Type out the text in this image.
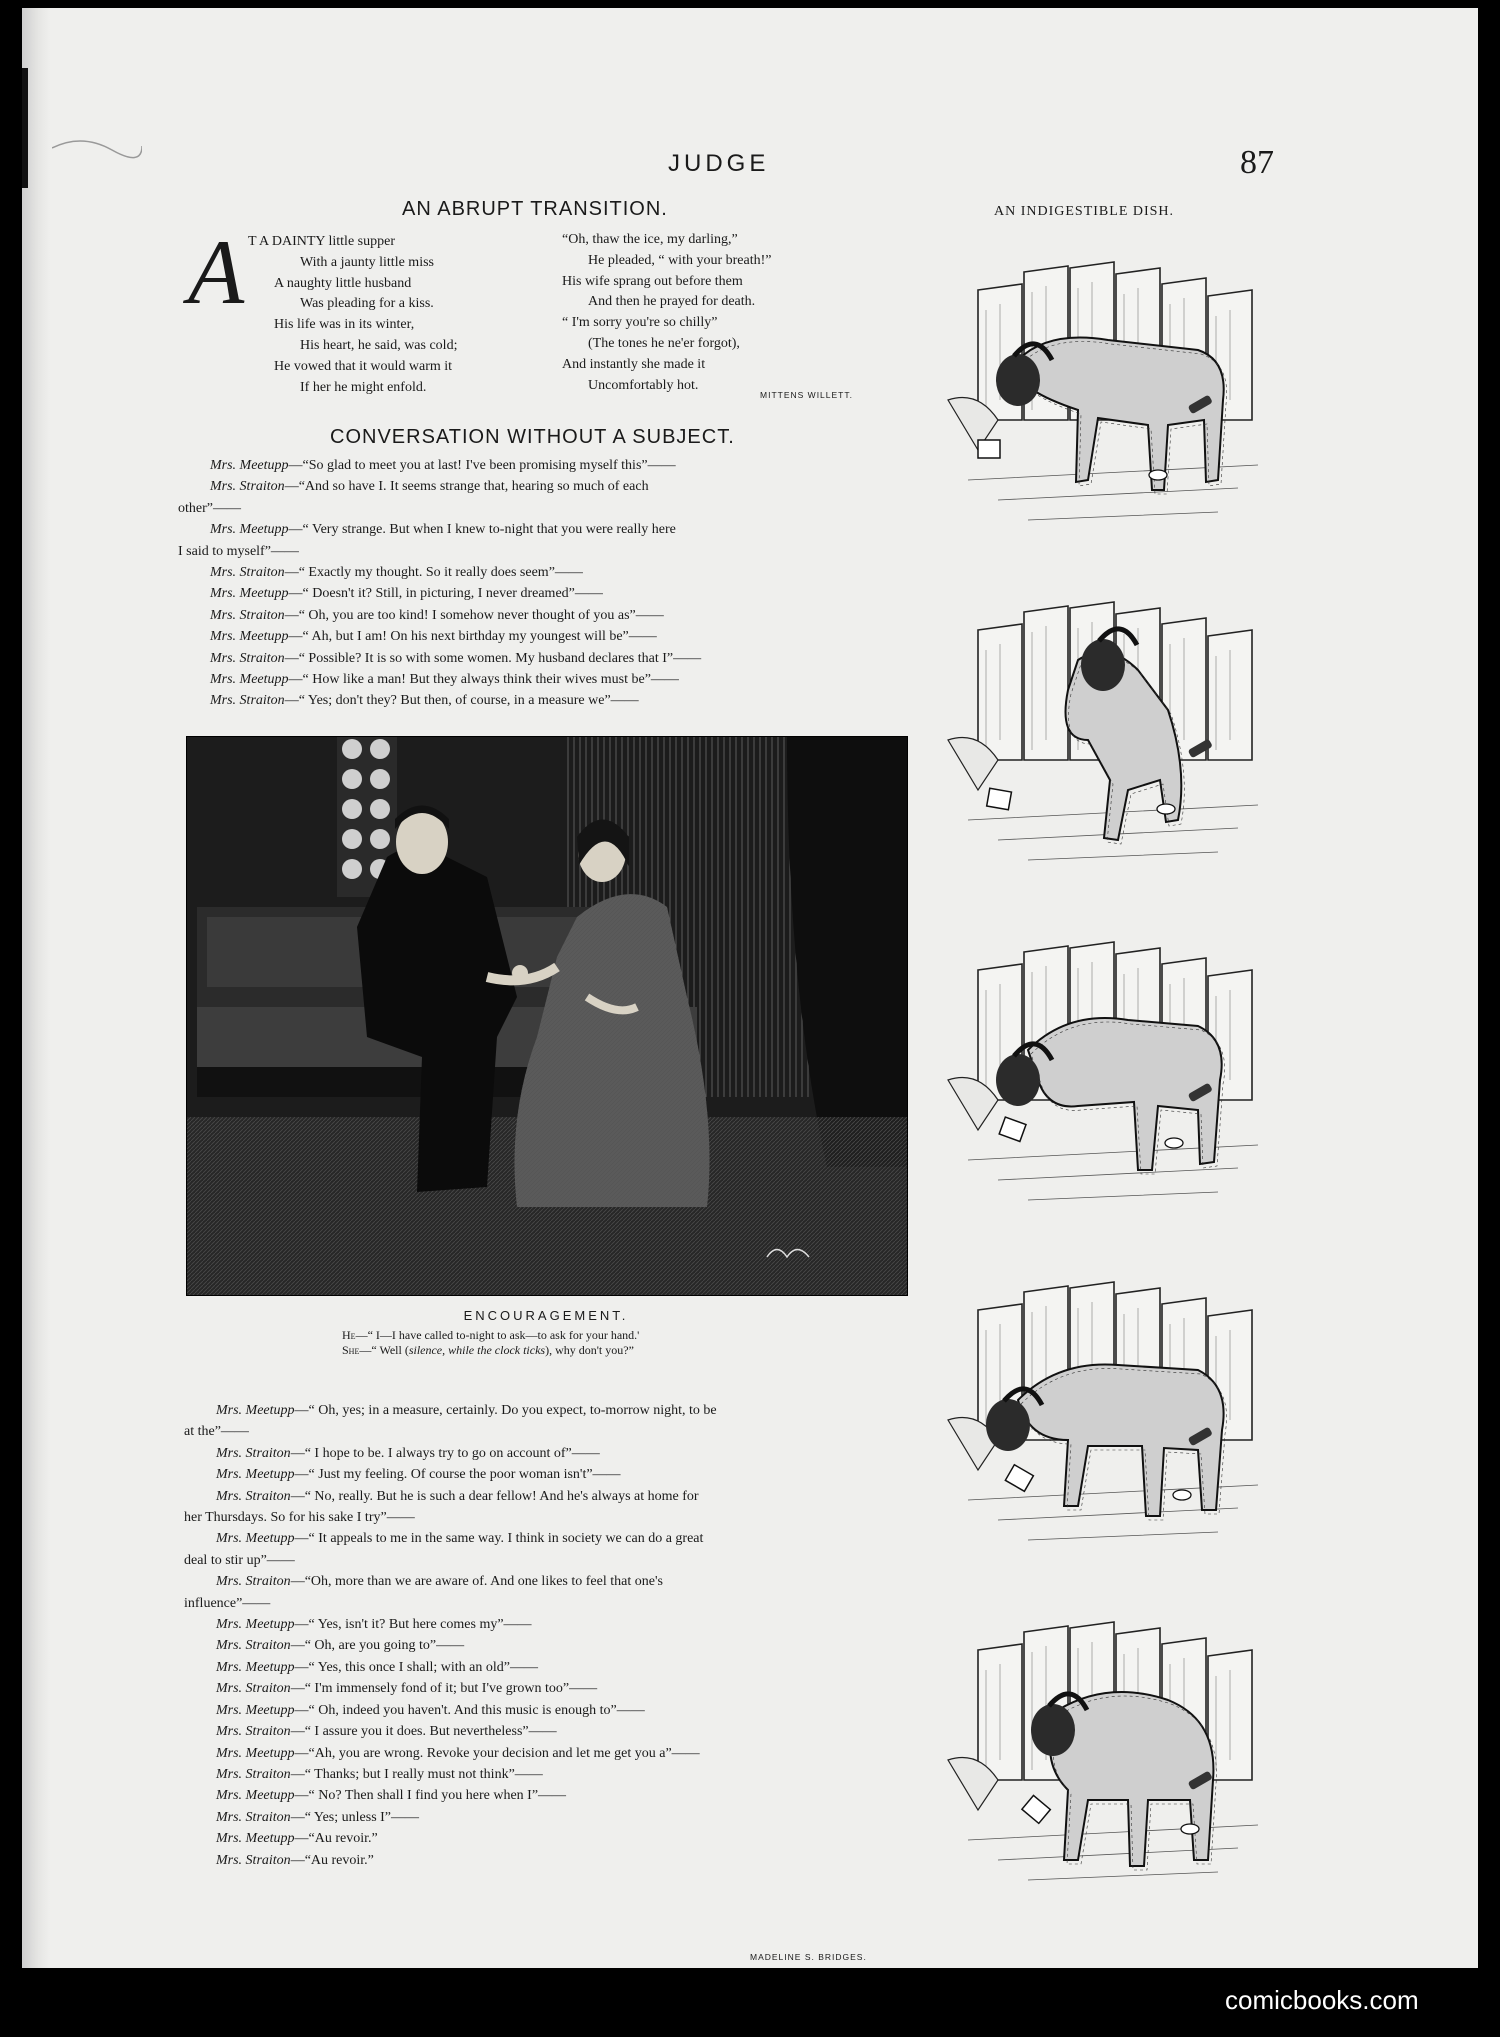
JUDGE	87
AN ABRUPT TRANSITION.
A T A DAINTY little supper
With a jaunty little miss
A naughty little husband
Was pleading for a kiss.
His life was in its winter,
His heart, he said, was cold;
He vowed that it would warm it
If her he might enfold.
“Oh, thaw the ice, my darling,”
He pleaded, “ with your breath!”
His wife sprang out before them
And then he prayed for death.
“ I'm sorry you're so chilly”
(The tones he ne'er forgot),
And instantly she made it
Uncomfortably hot.
MITTENS WILLETT.
CONVERSATION WITHOUT A SUBJECT.
Mrs. Meetupp—“So glad to meet you at last! I've been promising myself this”——
Mrs. Straiton—“And so have I. It seems strange that, hearing so much of each
other”——
Mrs. Meetupp—“ Very strange. But when I knew to-night that you were really here
I said to myself”——
Mrs. Straiton—“ Exactly my thought. So it really does seem”——
Mrs. Meetupp—“ Doesn't it? Still, in picturing, I never dreamed”——
Mrs. Straiton—“ Oh, you are too kind! I somehow never thought of you as”——
Mrs. Meetupp—“ Ah, but I am! On his next birthday my youngest will be”——
Mrs. Straiton—“ Possible? It is so with some women. My husband declares that I”——
Mrs. Meetupp—“ How like a man! But they always think their wives must be”——
Mrs. Straiton—“ Yes; don't they? But then, of course, in a measure we”——
ENCOURAGEMENT.
He—“ I—I have called to-night to ask—to ask for your hand.'
She—“ Well (silence, while the clock ticks), why don't you?”
Mrs. Meetupp—“ Oh, yes; in a measure, certainly. Do you expect, to-morrow night, to be
at the”——
Mrs. Straiton—“ I hope to be. I always try to go on account of”——
Mrs. Meetupp—“ Just my feeling. Of course the poor woman isn't”——
Mrs. Straiton—“ No, really. But he is such a dear fellow! And he's always at home for
her Thursdays. So for his sake I try”——
Mrs. Meetupp—“ It appeals to me in the same way. I think in society we can do a great
deal to stir up”——
Mrs. Straiton—“Oh, more than we are aware of. And one likes to feel that one's
influence”——
Mrs. Meetupp—“ Yes, isn't it? But here comes my”——
Mrs. Straiton—“ Oh, are you going to”——
Mrs. Meetupp—“ Yes, this once I shall; with an old”——
Mrs. Straiton—“ I'm immensely fond of it; but I've grown too”——
Mrs. Meetupp—“ Oh, indeed you haven't. And this music is enough to”——
Mrs. Straiton—“ I assure you it does. But nevertheless”——
Mrs. Meetupp—“Ah, you are wrong. Revoke your decision and let me get you a”——
Mrs. Straiton—“ Thanks; but I really must not think”——
Mrs. Meetupp—“ No? Then shall I find you here when I”——
Mrs. Straiton—“ Yes; unless I”——
Mrs. Meetupp—“Au revoir.”
Mrs. Straiton—“Au revoir.”
MADELINE S. BRIDGES.
AN INDIGESTIBLE DISH.
comicbooks.com
